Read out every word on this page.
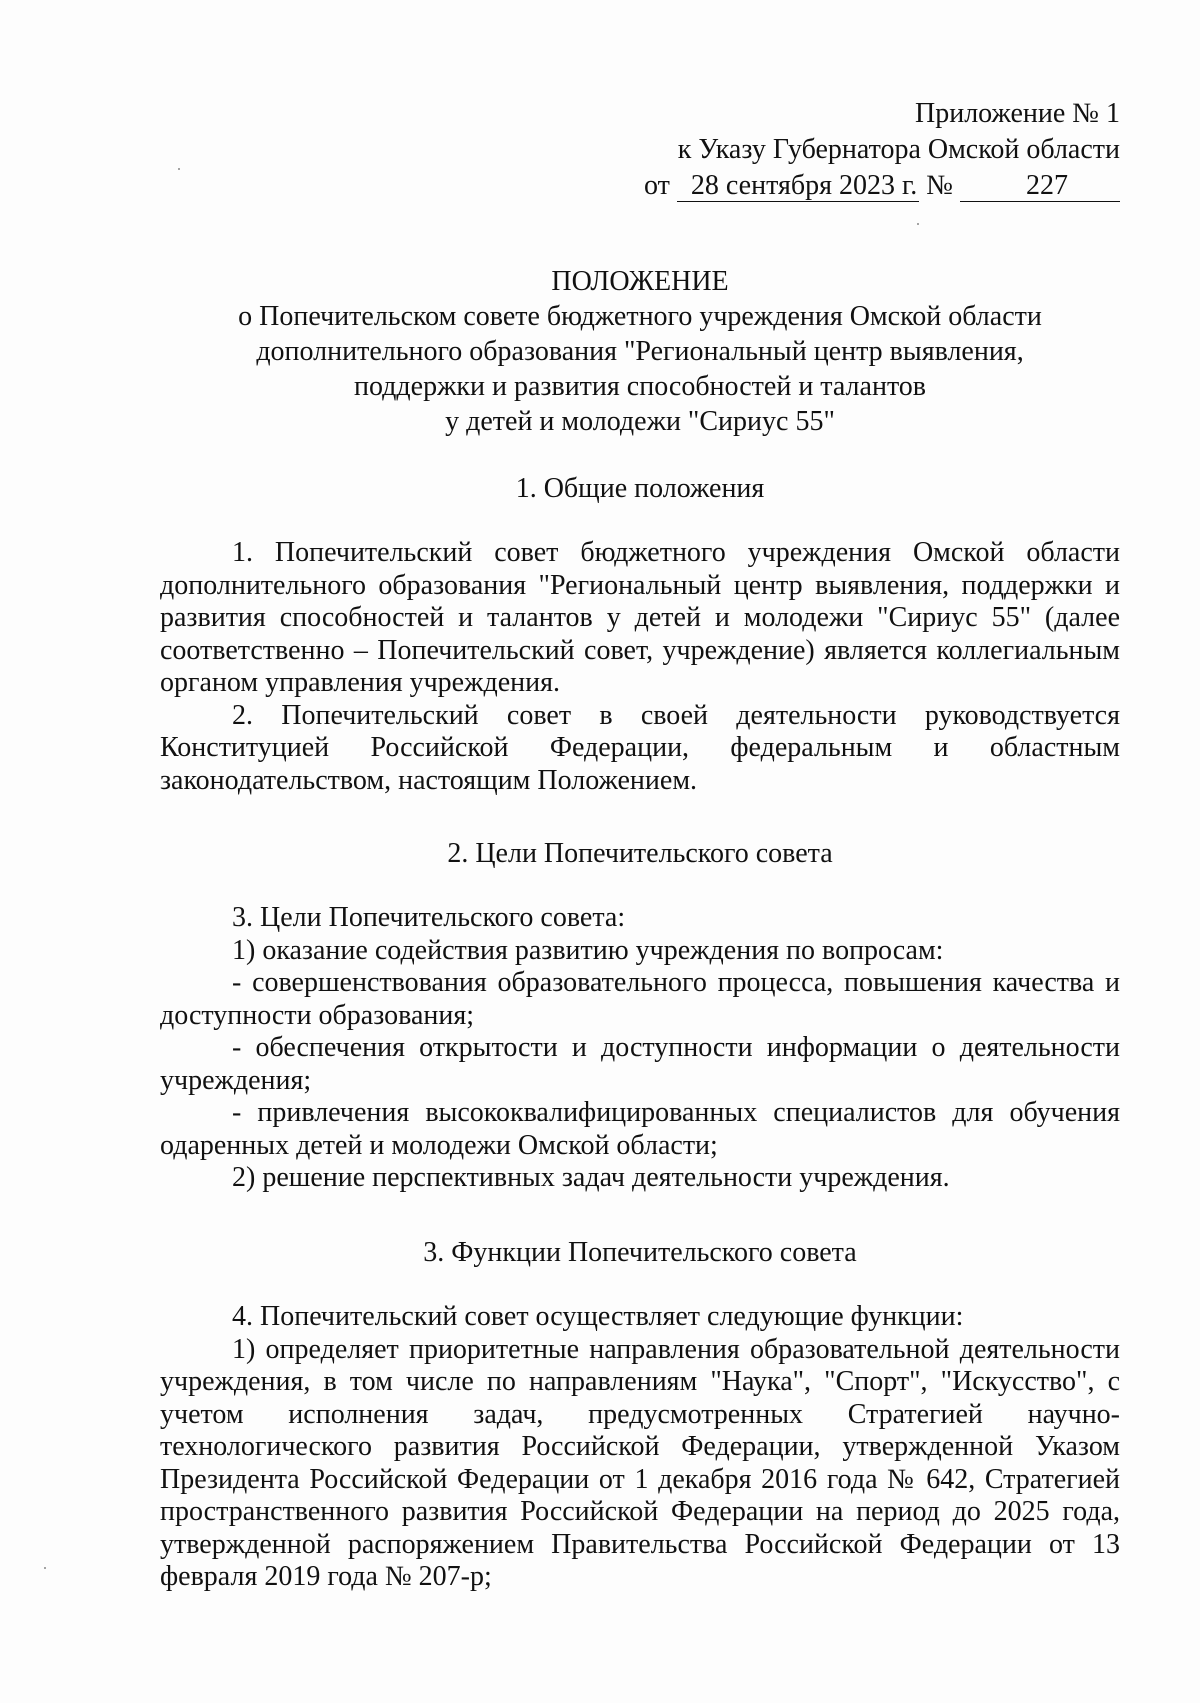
Приложение № 1
к Указу Губернатора Омской области
от 28 сентября 2023 г. №	227
ПОЛОЖЕНИЕ
о Попечительском совете бюджетного учреждения Омской области
дополнительного образования "Региональный центр выявления,
поддержки и развития способностей и талантов
у детей и молодежи "Сириус 55"
1. Общие положения

1. Попечительский совет бюджетного учреждения Омской области дополнительного образования "Региональный центр выявления, поддержки и развития способностей и талантов у детей и молодежи "Сириус 55" (далее соответственно – Попечительский совет, учреждение) является коллегиальным органом управления учреждения.

2. Попечительский совет в своей деятельности руководствуется Конституцией Российской Федерации, федеральным и областным законодательством, настоящим Положением.

2. Цели Попечительского совета

3. Цели Попечительского совета:

1) оказание содействия развитию учреждения по вопросам:

- совершенствования образовательного процесса, повышения качества и доступности образования;

- обеспечения открытости и доступности информации о деятельности учреждения;

- привлечения высококвалифицированных специалистов для обучения одаренных детей и молодежи Омской области;

2) решение перспективных задач деятельности учреждения.

3. Функции Попечительского совета

4. Попечительский совет осуществляет следующие функции:

1) определяет приоритетные направления образовательной деятельности учреждения, в том числе по направлениям "Наука", "Спорт", "Искусство", с учетом исполнения задач, предусмотренных Стратегией научно-технологического развития Российской Федерации, утвержденной Указом Президента Российской Федерации от 1 декабря 2016 года № 642, Стратегией пространственного развития Российской Федерации на период до 2025 года, утвержденной распоряжением Правительства Российской Федерации от 13 февраля 2019 года № 207-р;
